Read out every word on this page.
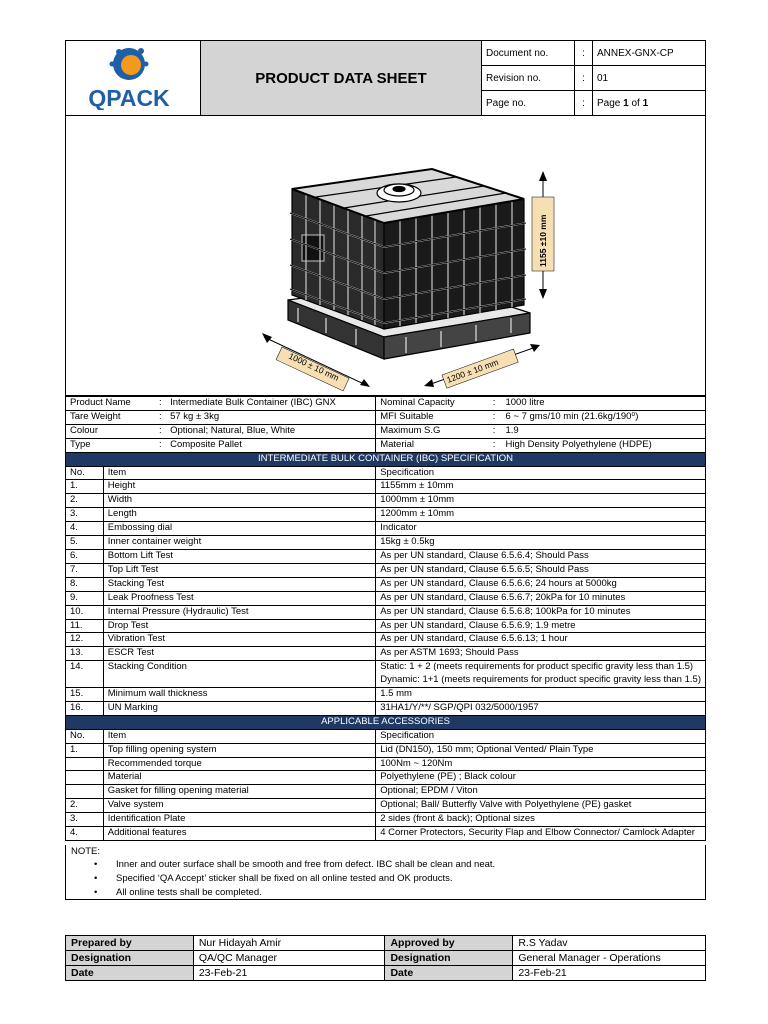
QPACK	PRODUCT DATA SHEET	Document no.	:	ANNEX-GNX-CP
		Revision no.	:	01
		Page no.	:	Page 1 of 1
1155 ±10 mm
1000 ± 10 mm	1200 ± 10 mm
Product Name		:	Intermediate Bulk Container (IBC) GNX	Nominal Capacity	:	1000 litre
Tare Weight		:	57 kg ± 3kg	MFI Suitable	:	6 ~ 7 gms/10 min (21.6kg/190⁰)
Colour		:	Optional; Natural, Blue, White	Maximum S.G	:	1.9
Type		:	Composite Pallet	Material	:	High Density Polyethylene (HDPE)
INTERMEDIATE BULK CONTAINER (IBC) SPECIFICATION						
No.	Item			Specification		
1.	Height			1155mm ± 10mm		
2.	Width			1000mm ± 10mm		
3.	Length			1200mm ± 10mm		
4.	Embossing dial			Indicator		
5.	Inner container weight			15kg ± 0.5kg		
6.	Bottom Lift Test			As per UN standard, Clause 6.5.6.4; Should Pass		
7.	Top Lift Test			As per UN standard, Clause 6.5.6.5; Should Pass		
8.	Stacking Test			As per UN standard, Clause 6.5.6.6; 24 hours at 5000kg		
9.	Leak Proofness Test			As per UN standard, Clause 6.5.6.7; 20kPa for 10 minutes		
10.	Internal Pressure (Hydraulic) Test			As per UN standard, Clause 6.5.6.8; 100kPa for 10 minutes		
11.	Drop Test			As per UN standard, Clause 6.5.6.9; 1.9 metre		
12.	Vibration Test			As per UN standard, Clause 6.5.6.13; 1 hour		
13.	ESCR Test			As per ASTM 1693; Should Pass		
14.	Stacking Condition			Static: 1 + 2 (meets requirements for product specific gravity less than 1.5)
Dynamic: 1+1 (meets requirements for product specific gravity less than 1.5)		

15.	Minimum wall thickness			1.5 mm		
16.	UN Marking			31HA1/Y/**/ SGP/QPI 032/5000/1957		
APPLICABLE ACCESSORIES						
No.	Item			Specification		
1.	Top filling opening system			Lid (DN150), 150 mm; Optional Vented/ Plain Type		
	Recommended torque			100Nm ~ 120Nm		
	Material			Polyethylene (PE) ; Black colour		
	Gasket for filling opening material			Optional; EPDM / Viton		
2.	Valve system			Optional; Ball/ Butterfly Valve with Polyethylene (PE) gasket		
3.	Identification Plate			2 sides (front & back); Optional sizes		
4.	Additional features			4 Corner Protectors, Security Flap and Elbow Connector/ Camlock Adapter		
NOTE:
• Inner and outer surface shall be smooth and free from defect. IBC shall be clean and neat.
• Specified ‘QA Accept’ sticker shall be fixed on all online tested and OK products.
• All online tests shall be completed.
Prepared by	Nur Hidayah Amir	Approved by	R.S Yadav
Designation	QA/QC Manager	Designation	General Manager - Operations
Date	23-Feb-21	Date	23-Feb-21
